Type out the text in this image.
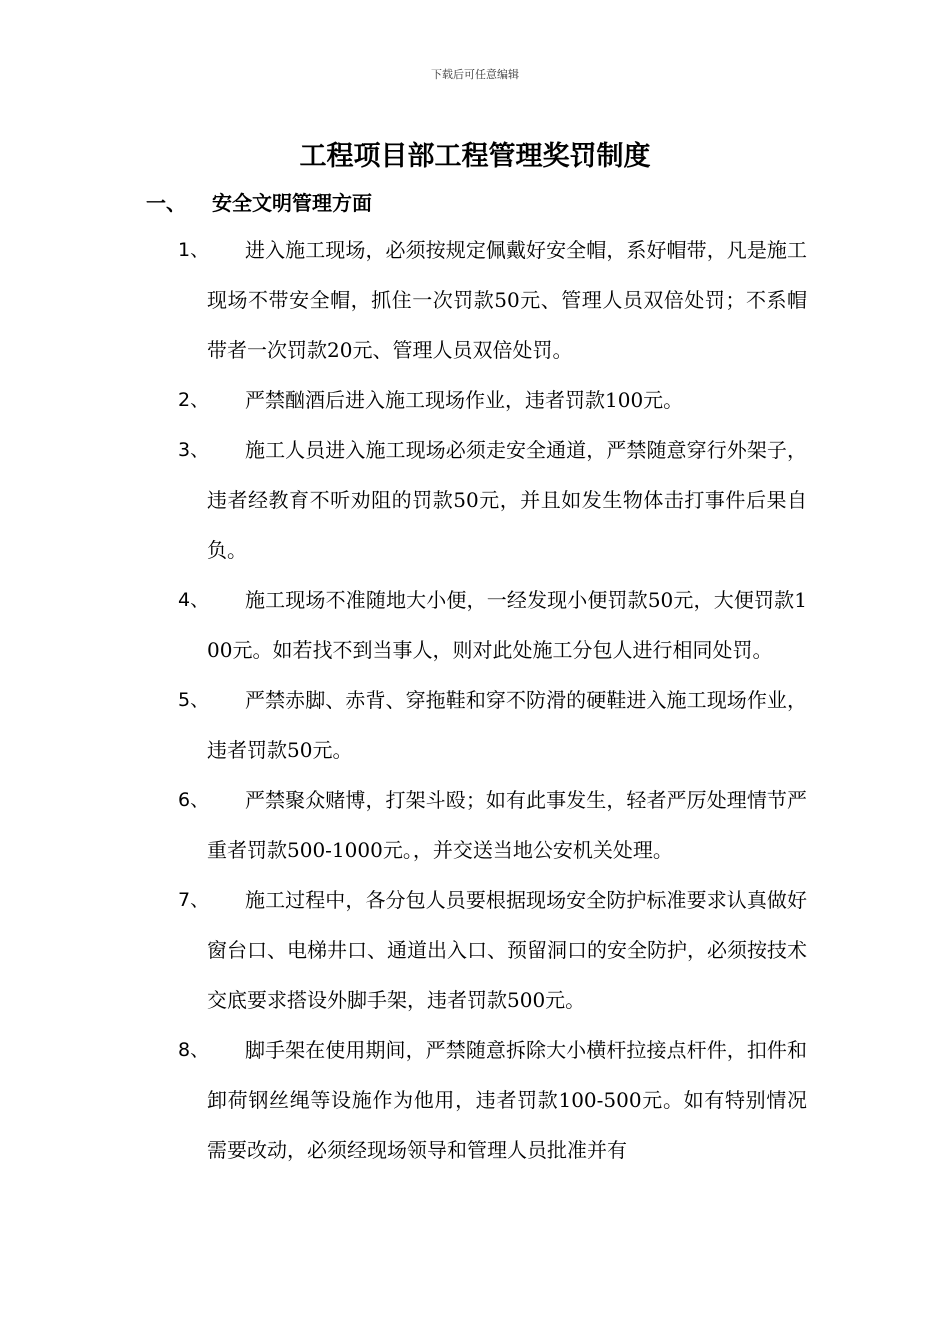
下载后可任意编辑
工程项目部工程管理奖罚制度
一、 安全文明管理方面
1、	进入施工现场，必须按规定佩戴好安全帽，系好帽带，凡是施工现场不带安全帽，抓住一次罚款50元、管理人员双倍处罚；不系帽带者一次罚款20元、管理人员双倍处罚。
2、	严禁酗酒后进入施工现场作业，违者罚款100元。
3、	施工人员进入施工现场必须走安全通道，严禁随意穿行外架子，违者经教育不听劝阻的罚款50元，并且如发生物体击打事件后果自负。
4、	施工现场不准随地大小便，一经发现小便罚款50元，大便罚款100元。如若找不到当事人，则对此处施工分包人进行相同处罚。
5、	严禁赤脚、赤背、穿拖鞋和穿不防滑的硬鞋进入施工现场作业，违者罚款50元。
6、	严禁聚众赌博，打架斗殴；如有此事发生，轻者严厉处理情节严重者罚款500-1000元。，并交送当地公安机关处理。
7、	施工过程中，各分包人员要根据现场安全防护标准要求认真做好窗台口、电梯井口、通道出入口、预留洞口的安全防护，必须按技术交底要求搭设外脚手架，违者罚款500元。
8、	脚手架在使用期间，严禁随意拆除大小横杆拉接点杆件，扣件和卸荷钢丝绳等设施作为他用，违者罚款100-500元。如有特别情况需要改动，必须经现场领导和管理人员批准并有
